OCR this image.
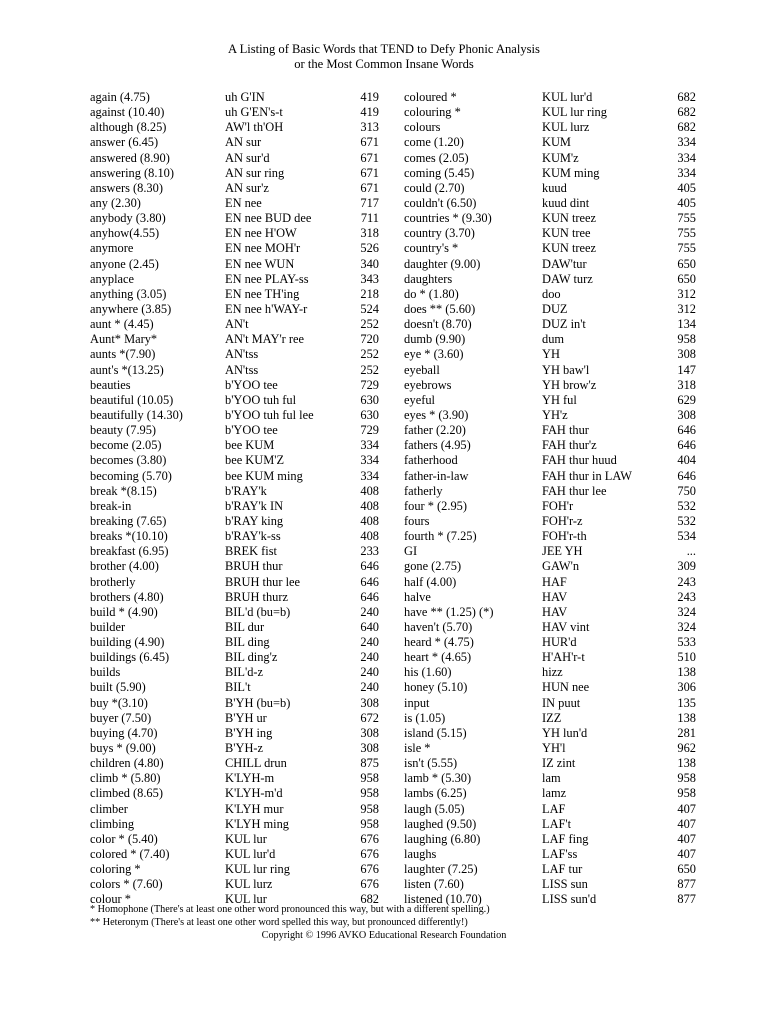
A Listing of Basic Words that TEND to Defy Phonic Analysis
or the Most Common Insane Words
again (4.75)	uh G'IN	419
against (10.40)	uh G'EN's-t	419
although (8.25)	AW'l th'OH	313
answer (6.45)	AN sur	671
answered (8.90)	AN sur'd	671
answering (8.10)	AN sur ring	671
answers (8.30)	AN sur'z	671
any (2.30)	EN nee	717
anybody (3.80)	EN nee BUD dee	711
anyhow(4.55)	EN nee H'OW	318
anymore	EN nee MOH'r	526
anyone (2.45)	EN nee WUN	340
anyplace	EN nee PLAY-ss	343
anything (3.05)	EN nee TH'ing	218
anywhere (3.85)	EN nee h'WAY-r	524
aunt * (4.45)	AN't	252
Aunt* Mary*	AN't MAY'r ree	720
aunts *(7.90)	AN'tss	252
aunt's *(13.25)	AN'tss	252
beauties	b'YOO tee	729
beautiful (10.05)	b'YOO tuh ful	630
beautifully (14.30)	b'YOO tuh ful lee	630
beauty (7.95)	b'YOO tee	729
become (2.05)	bee KUM	334
becomes (3.80)	bee KUM'Z	334
becoming (5.70)	bee KUM ming	334
break *(8.15)	b'RAY'k	408
break-in	b'RAY'k IN	408
breaking (7.65)	b'RAY king	408
breaks *(10.10)	b'RAY'k-ss	408
breakfast (6.95)	BREK fist	233
brother (4.00)	BRUH thur	646
brotherly	BRUH thur lee	646
brothers (4.80)	BRUH thurz	646
build * (4.90)	BIL'd (bu=b)	240
builder	BIL dur	640
building (4.90)	BIL ding	240
buildings (6.45)	BIL ding'z	240
builds	BIL'd-z	240
built (5.90)	BIL't	240
buy *(3.10)	B'YH (bu=b)	308
buyer (7.50)	B'YH ur	672
buying (4.70)	B'YH ing	308
buys * (9.00)	B'YH-z	308
children (4.80)	CHILL drun	875
climb * (5.80)	K'LYH-m	958
climbed (8.65)	K'LYH-m'd	958
climber	K'LYH mur	958
climbing	K'LYH ming	958
color * (5.40)	KUL lur	676
colored * (7.40)	KUL lur'd	676
coloring *	KUL lur ring	676
colors * (7.60)	KUL lurz	676
colour *	KUL lur	682
coloured *	KUL lur'd	682
colouring *	KUL lur ring	682
colours	KUL lurz	682
come (1.20)	KUM	334
comes (2.05)	KUM'z	334
coming (5.45)	KUM ming	334
could (2.70)	kuud	405
couldn't (6.50)	kuud dint	405
countries * (9.30)	KUN treez	755
country (3.70)	KUN tree	755
country's *	KUN treez	755
daughter (9.00)	DAW'tur	650
daughters	DAW turz	650
do * (1.80)	doo	312
does ** (5.60)	DUZ	312
doesn't (8.70)	DUZ in't	134
dumb (9.90)	dum	958
eye * (3.60)	YH	308
eyeball	YH baw'l	147
eyebrows	YH brow'z	318
eyeful	YH ful	629
eyes * (3.90)	YH'z	308
father (2.20)	FAH thur	646
fathers (4.95)	FAH thur'z	646
fatherhood	FAH thur huud	404
father-in-law	FAH thur in LAW	646
fatherly	FAH thur lee	750
four * (2.95)	FOH'r	532
fours	FOH'r-z	532
fourth * (7.25)	FOH'r-th	534
GI	JEE YH	...
gone (2.75)	GAW'n	309
half (4.00)	HAF	243
halve	HAV	243
have ** (1.25) (*)	HAV	324
haven't (5.70)	HAV vint	324
heard * (4.75)	HUR'd	533
heart * (4.65)	H'AH'r-t	510
his (1.60)	hizz	138
honey (5.10)	HUN nee	306
input	IN puut	135
is (1.05)	IZZ	138
island (5.15)	YH lun'd	281
isle *	YH'l	962
isn't (5.55)	IZ zint	138
lamb * (5.30)	lam	958
lambs (6.25)	lamz	958
laugh (5.05)	LAF	407
laughed (9.50)	LAF't	407
laughing (6.80)	LAF fing	407
laughs	LAF'ss	407
laughter (7.25)	LAF tur	650
listen (7.60)	LISS sun	877
listened (10.70)	LISS sun'd	877
* Homophone (There's at least one other word pronounced this way, but with a different spelling.)
** Heteronym (There's at least one other word spelled this way, but pronounced differently!)
Copyright © 1996 AVKO Educational Research Foundation
